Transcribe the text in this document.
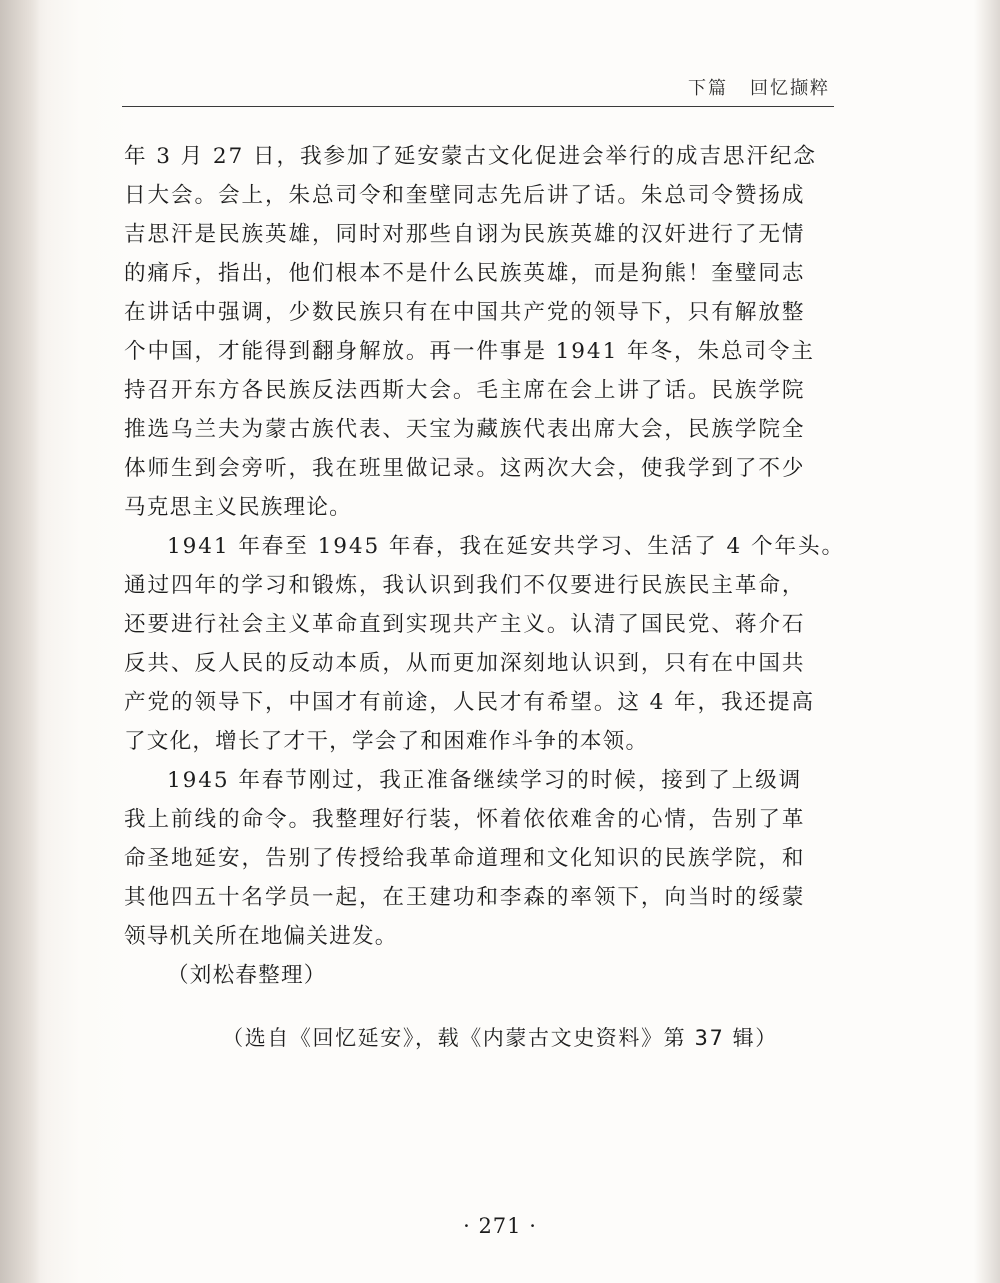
下篇 回忆撷粹
年 3 月 27 日，我参加了延安蒙古文化促进会举行的成吉思汗纪念
日大会。会上，朱总司令和奎壁同志先后讲了话。朱总司令赞扬成
吉思汗是民族英雄，同时对那些自诩为民族英雄的汉奸进行了无情
的痛斥，指出，他们根本不是什么民族英雄，而是狗熊！奎璧同志
在讲话中强调，少数民族只有在中国共产党的领导下，只有解放整
个中国，才能得到翻身解放。再一件事是 1941 年冬，朱总司令主
持召开东方各民族反法西斯大会。毛主席在会上讲了话。民族学院
推选乌兰夫为蒙古族代表、天宝为藏族代表出席大会，民族学院全
体师生到会旁听，我在班里做记录。这两次大会，使我学到了不少
马克思主义民族理论。
1941 年春至 1945 年春，我在延安共学习、生活了 4 个年头。
通过四年的学习和锻炼，我认识到我们不仅要进行民族民主革命，
还要进行社会主义革命直到实现共产主义。认清了国民党、蒋介石
反共、反人民的反动本质，从而更加深刻地认识到，只有在中国共
产党的领导下，中国才有前途，人民才有希望。这 4 年，我还提高
了文化，增长了才干，学会了和困难作斗争的本领。
1945 年春节刚过，我正准备继续学习的时候，接到了上级调
我上前线的命令。我整理好行装，怀着依依难舍的心情，告别了革
命圣地延安，告别了传授给我革命道理和文化知识的民族学院，和
其他四五十名学员一起，在王建功和李森的率领下，向当时的绥蒙
领导机关所在地偏关进发。
（刘松春整理）
（选自《回忆延安》，载《内蒙古文史资料》第 37 辑）
· 271 ·
